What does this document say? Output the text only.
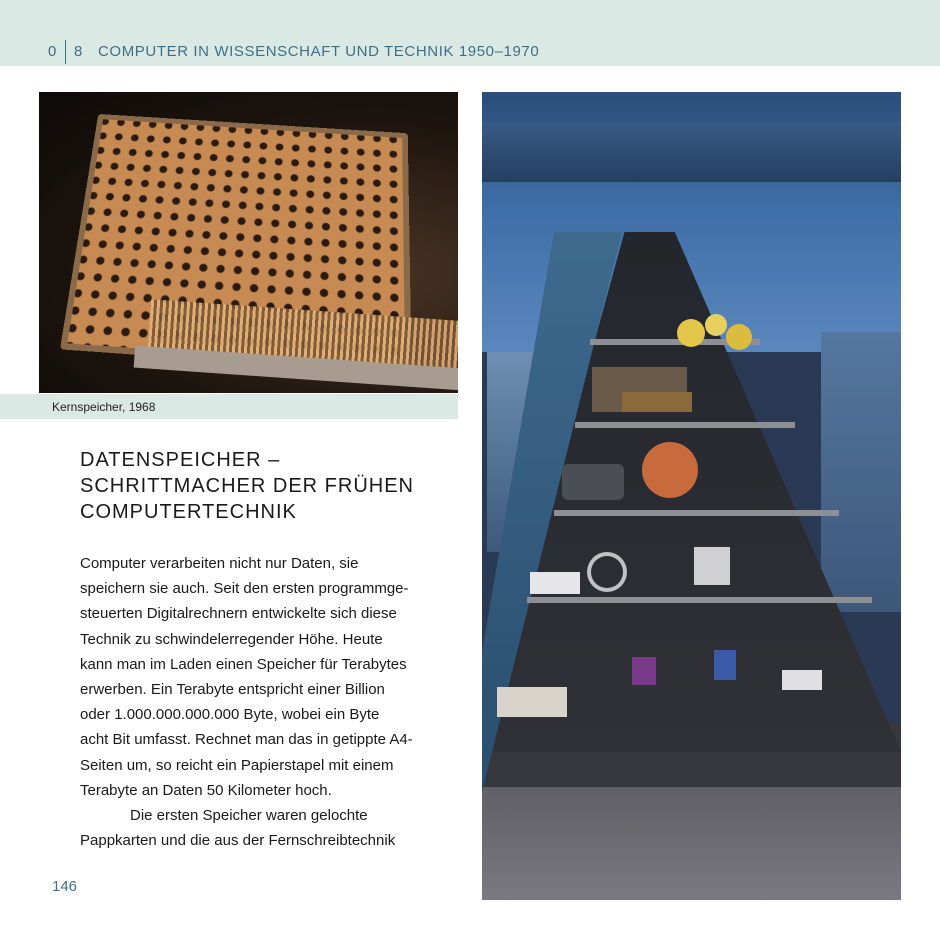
0 8 COMPUTER IN WISSENSCHAFT UND TECHNIK 1950–1970
Kernspeicher, 1968
DATENSPEICHER –
SCHRITTMACHER DER FRÜHEN
COMPUTERTECHNIK
Computer verarbeiten nicht nur Daten, sie
speichern sie auch. Seit den ersten programmge-
steuerten Digitalrechnern entwickelte sich diese
Technik zu schwindelerregender Höhe. Heute
kann man im Laden einen Speicher für Terabytes
erwerben. Ein Terabyte entspricht einer Billion
oder 1.000.000.000.000 Byte, wobei ein Byte
acht Bit umfasst. Rechnet man das in getippte A4-
Seiten um, so reicht ein Papierstapel mit einem
Terabyte an Daten 50 Kilometer hoch.
Die ersten Speicher waren gelochte
Pappkarten und die aus der Fernschreibtechnik
146
